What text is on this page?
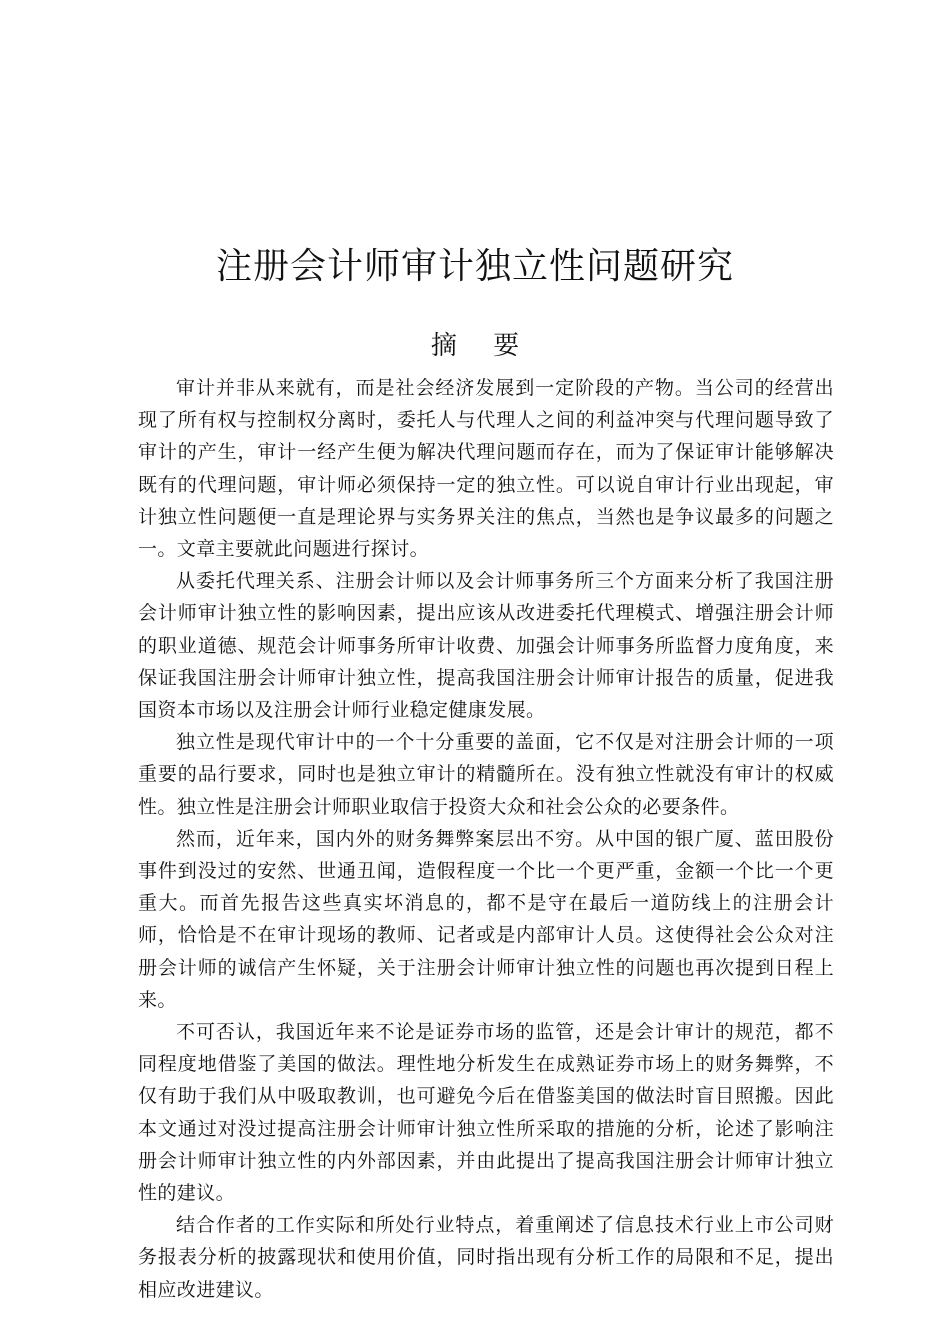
注册会计师审计独立性问题研究
摘 要

审计并非从来就有，而是社会经济发展到一定阶段的产物。当公司的经营出现了所有权与控制权分离时，委托人与代理人之间的利益冲突与代理问题导致了审计的产生，审计一经产生便为解决代理问题而存在，而为了保证审计能够解决既有的代理问题，审计师必须保持一定的独立性。可以说自审计行业出现起，审计独立性问题便一直是理论界与实务界关注的焦点，当然也是争议最多的问题之一。文章主要就此问题进行探讨。

从委托代理关系、注册会计师以及会计师事务所三个方面来分析了我国注册会计师审计独立性的影响因素，提出应该从改进委托代理模式、增强注册会计师的职业道德、规范会计师事务所审计收费、加强会计师事务所监督力度角度，来保证我国注册会计师审计独立性，提高我国注册会计师审计报告的质量，促进我国资本市场以及注册会计师行业稳定健康发展。

独立性是现代审计中的一个十分重要的盖面，它不仅是对注册会计师的一项重要的品行要求，同时也是独立审计的精髓所在。没有独立性就没有审计的权威性。独立性是注册会计师职业取信于投资大众和社会公众的必要条件。

然而，近年来，国内外的财务舞弊案层出不穷。从中国的银广厦、蓝田股份事件到没过的安然、世通丑闻，造假程度一个比一个更严重，金额一个比一个更重大。而首先报告这些真实坏消息的，都不是守在最后一道防线上的注册会计师，恰恰是不在审计现场的教师、记者或是内部审计人员。这使得社会公众对注册会计师的诚信产生怀疑，关于注册会计师审计独立性的问题也再次提到日程上来。

不可否认，我国近年来不论是证券市场的监管，还是会计审计的规范，都不同程度地借鉴了美国的做法。理性地分析发生在成熟证券市场上的财务舞弊，不仅有助于我们从中吸取教训，也可避免今后在借鉴美国的做法时盲目照搬。因此本文通过对没过提高注册会计师审计独立性所采取的措施的分析，论述了影响注册会计师审计独立性的内外部因素，并由此提出了提高我国注册会计师审计独立性的建议。

结合作者的工作实际和所处行业特点，着重阐述了信息技术行业上市公司财务报表分析的披露现状和使用价值，同时指出现有分析工作的局限和不足，提出相应改进建议。
